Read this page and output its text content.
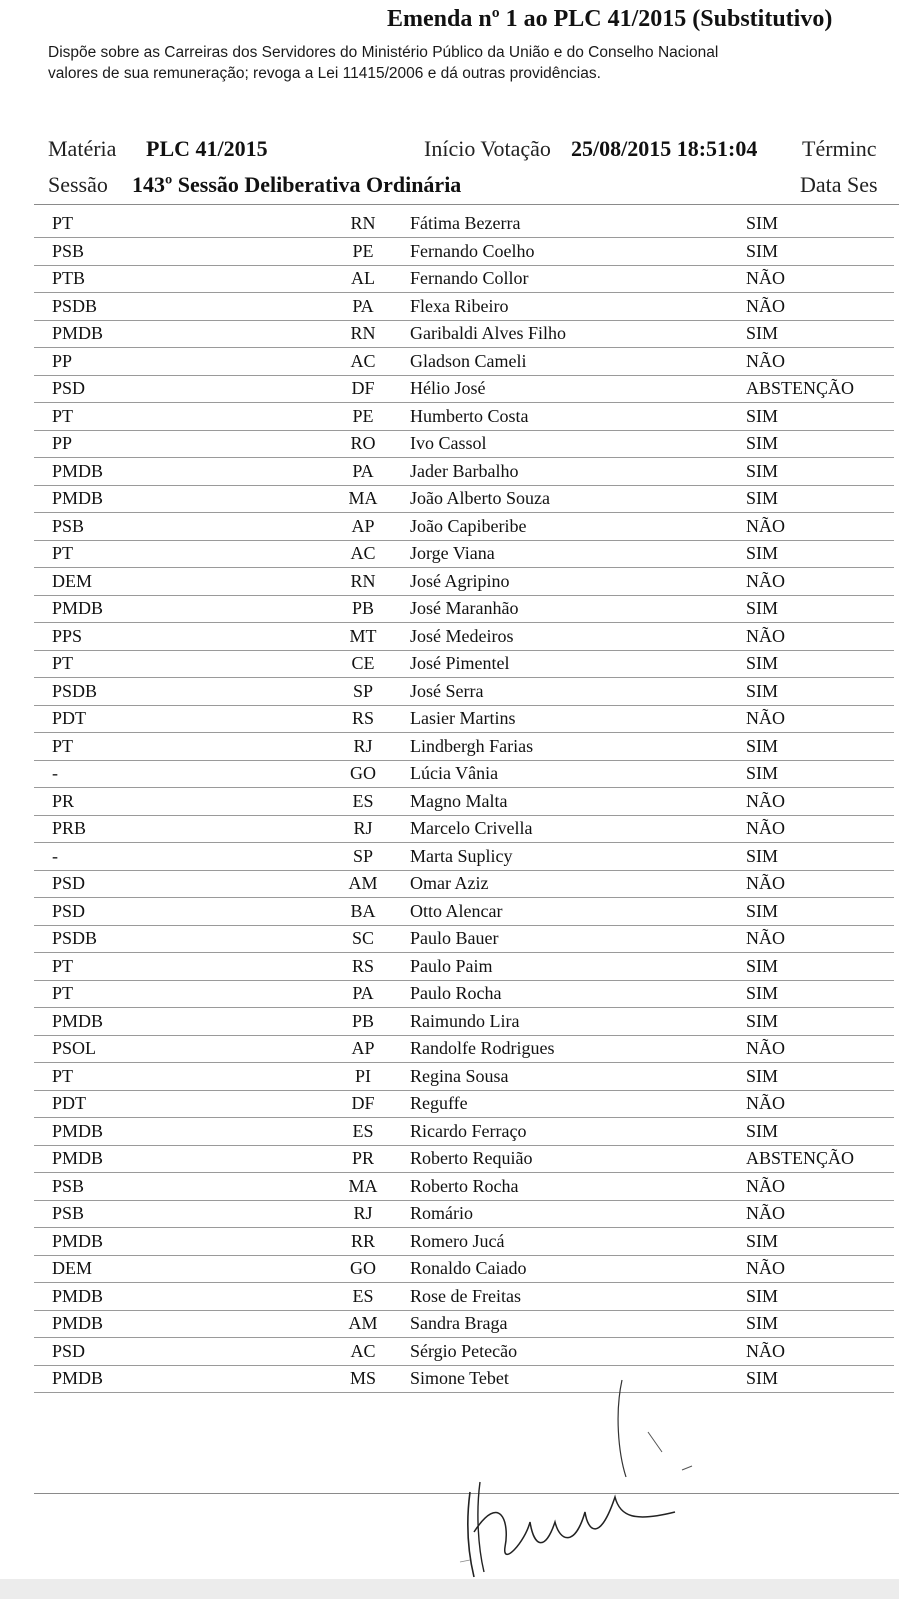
Emenda nº 1 ao PLC 41/2015 (Substitutivo)
Dispõe sobre as Carreiras dos Servidores do Ministério Público da União e do Conselho Nacional
valores de sua remuneração; revoga a Lei 11415/2006 e dá outras providências.
Matéria PLC 41/2015	Início Votação 25/08/2015 18:51:04 Términc
Sessão 143º Sessão Deliberativa Ordinária	Data Ses
PT	RN	Fátima Bezerra	SIM
PSB	PE	Fernando Coelho	SIM
PTB	AL	Fernando Collor	NÃO
PSDB	PA	Flexa Ribeiro	NÃO
PMDB	RN	Garibaldi Alves Filho	SIM
PP	AC	Gladson Cameli	NÃO
PSD	DF	Hélio José	ABSTENÇÃO
PT	PE	Humberto Costa	SIM
PP	RO	Ivo Cassol	SIM
PMDB	PA	Jader Barbalho	SIM
PMDB	MA	João Alberto Souza	SIM
PSB	AP	João Capiberibe	NÃO
PT	AC	Jorge Viana	SIM
DEM	RN	José Agripino	NÃO
PMDB	PB	José Maranhão	SIM
PPS	MT	José Medeiros	NÃO
PT	CE	José Pimentel	SIM
PSDB	SP	José Serra	SIM
PDT	RS	Lasier Martins	NÃO
PT	RJ	Lindbergh Farias	SIM
-	GO	Lúcia Vânia	SIM
PR	ES	Magno Malta	NÃO
PRB	RJ	Marcelo Crivella	NÃO
-	SP	Marta Suplicy	SIM
PSD	AM	Omar Aziz	NÃO
PSD	BA	Otto Alencar	SIM
PSDB	SC	Paulo Bauer	NÃO
PT	RS	Paulo Paim	SIM
PT	PA	Paulo Rocha	SIM
PMDB	PB	Raimundo Lira	SIM
PSOL	AP	Randolfe Rodrigues	NÃO
PT	PI	Regina Sousa	SIM
PDT	DF	Reguffe	NÃO
PMDB	ES	Ricardo Ferraço	SIM
PMDB	PR	Roberto Requião	ABSTENÇÃO
PSB	MA	Roberto Rocha	NÃO
PSB	RJ	Romário	NÃO
PMDB	RR	Romero Jucá	SIM
DEM	GO	Ronaldo Caiado	NÃO
PMDB	ES	Rose de Freitas	SIM
PMDB	AM	Sandra Braga	SIM
PSD	AC	Sérgio Petecão	NÃO
PMDB	MS	Simone Tebet	SIM
